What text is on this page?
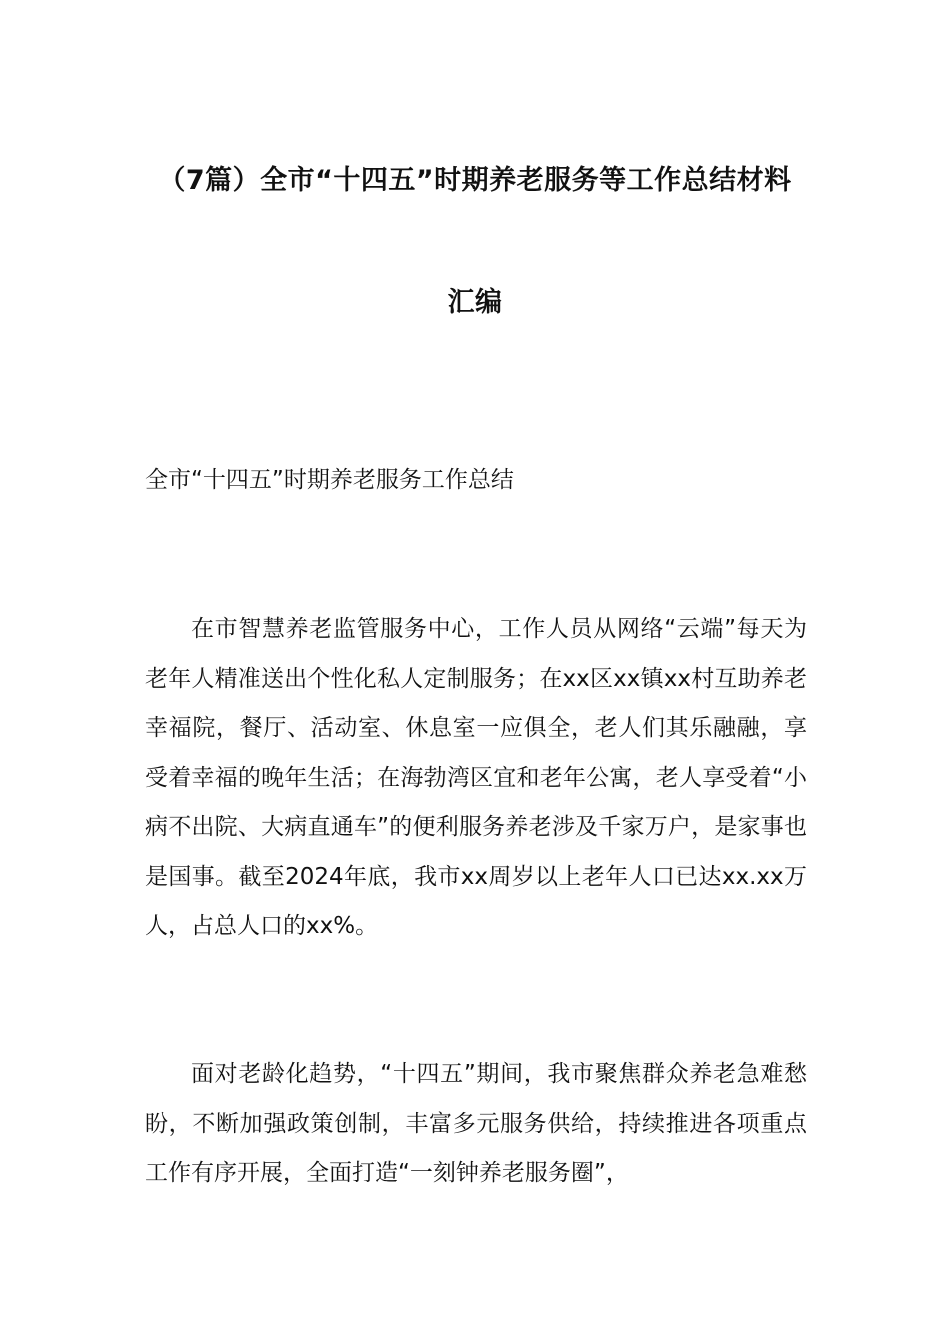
（7篇）全市“十四五”时期养老服务等工作总结材料
汇编

全市“十四五”时期养老服务工作总结

在市智慧养老监管服务中心，工作人员从网络“云端”每天为老年人精准送出个性化私人定制服务；在xx区xx镇xx村互助养老幸福院，餐厅、活动室、休息室一应俱全，老人们其乐融融，享受着幸福的晚年生活；在海勃湾区宜和老年公寓，老人享受着“小病不出院、大病直通车”的便利服务养老涉及千家万户，是家事也是国事。截至2024年底，我市xx周岁以上老年人口已达xx.xx万人，占总人口的xx%。

面对老龄化趋势，“十四五”期间，我市聚焦群众养老急难愁盼，不断加强政策创制，丰富多元服务供给，持续推进各项重点工作有序开展，全面打造“一刻钟养老服务圈”，
